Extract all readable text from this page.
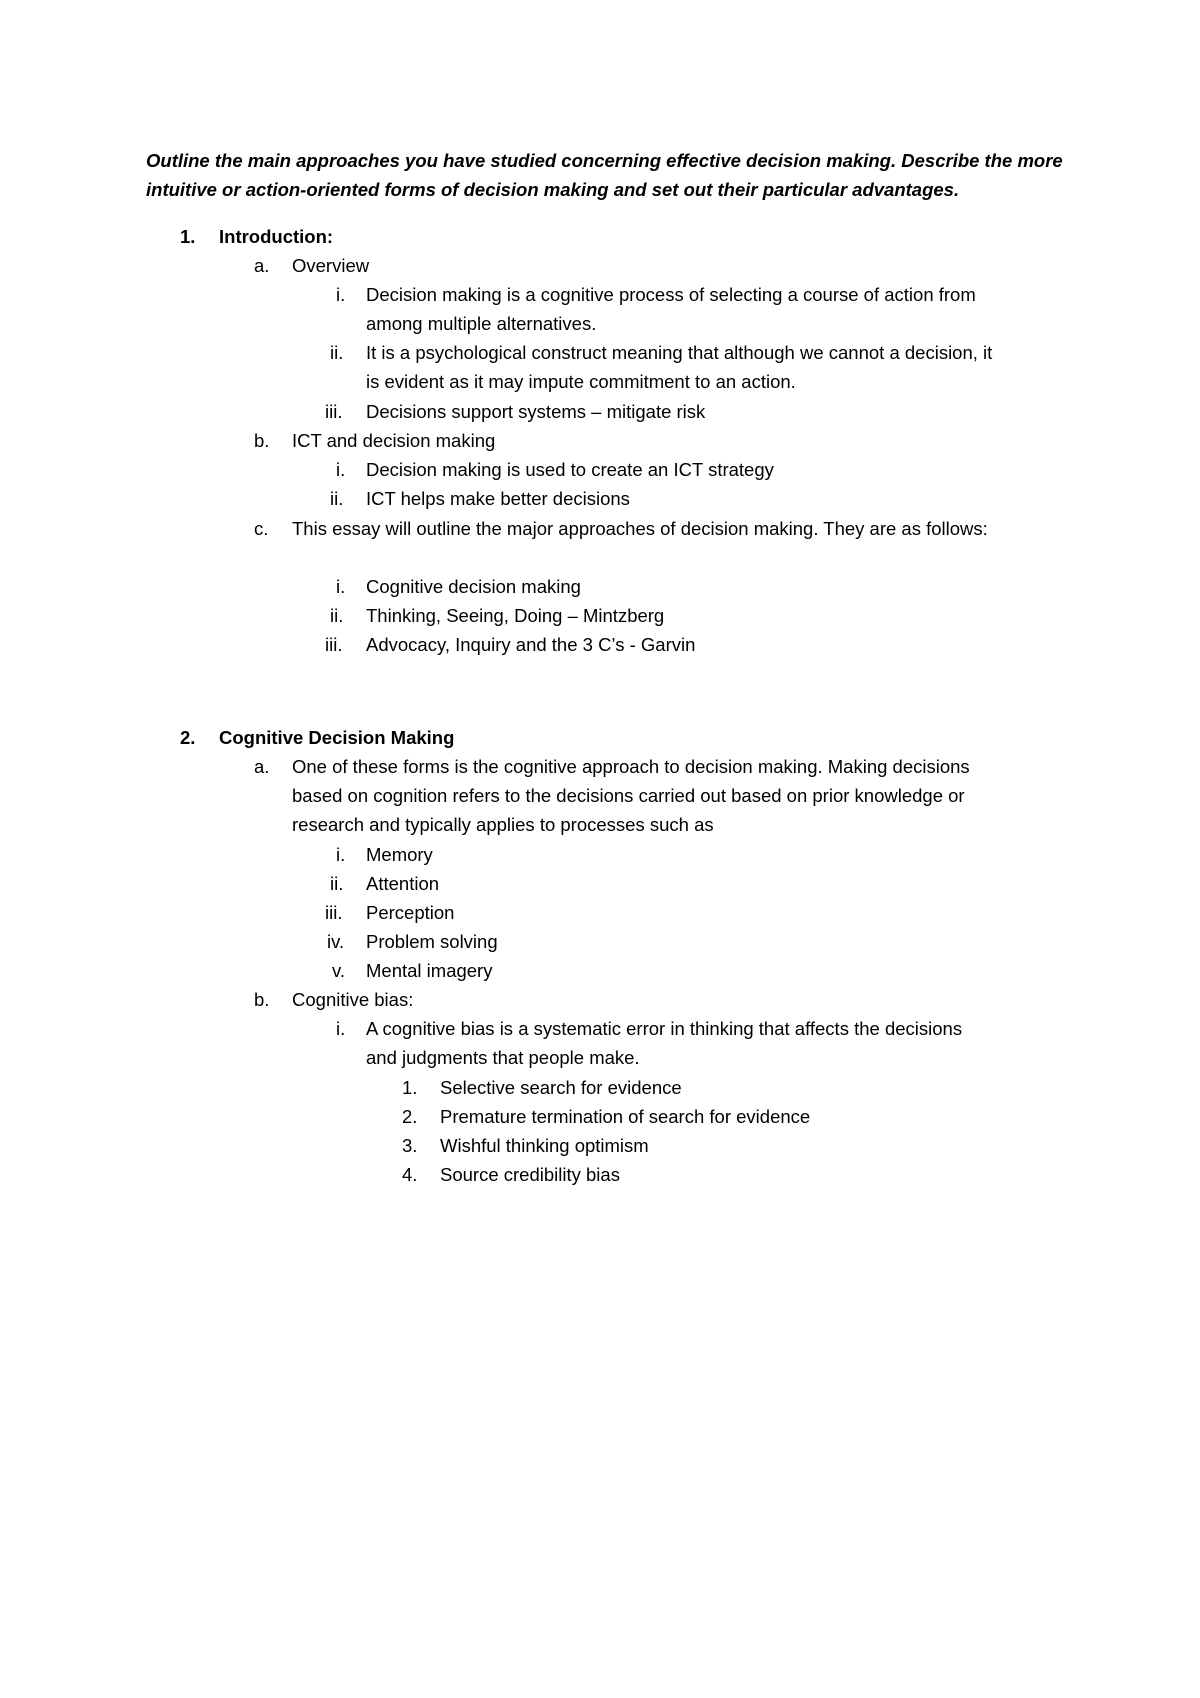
Outline the main approaches you have studied concerning effective decision making. Describe the more intuitive or action-oriented forms of decision making and set out their particular advantages.
1. Introduction:
a. Overview
i. Decision making is a cognitive process of selecting a course of action from
among multiple alternatives.
ii. It is a psychological construct meaning that although we cannot a decision, it
is evident as it may impute commitment to an action.
iii. Decisions support systems – mitigate risk
b. ICT and decision making
i. Decision making is used to create an ICT strategy
ii. ICT helps make better decisions
c. This essay will outline the major approaches of decision making. They are as follows:
i. Cognitive decision making
ii. Thinking, Seeing, Doing – Mintzberg
iii. Advocacy, Inquiry and the 3 C’s - Garvin
2. Cognitive Decision Making
a. One of these forms is the cognitive approach to decision making. Making decisions
based on cognition refers to the decisions carried out based on prior knowledge or
research and typically applies to processes such as
i. Memory
ii. Attention
iii. Perception
iv. Problem solving
v. Mental imagery
b. Cognitive bias:
i. A cognitive bias is a systematic error in thinking that affects the decisions
and judgments that people make.
1. Selective search for evidence
2. Premature termination of search for evidence
3. Wishful thinking optimism
4. Source credibility bias
